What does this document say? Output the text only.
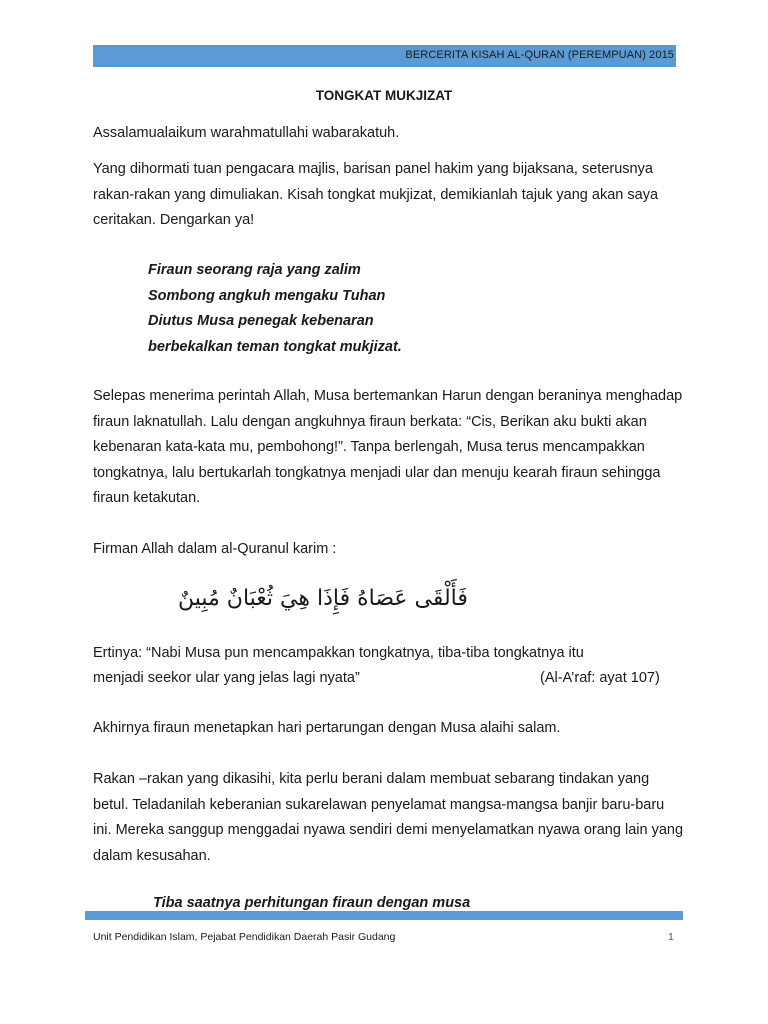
BERCERITA KISAH AL-QURAN (PEREMPUAN) 2015
TONGKAT MUKJIZAT

Assalamualaikum warahmatullahi wabarakatuh.

Yang dihormati tuan pengacara majlis, barisan panel hakim yang bijaksana, seterusnya rakan-rakan yang dimuliakan. Kisah tongkat mukjizat, demikianlah tajuk yang akan saya ceritakan. Dengarkan ya!

Firaun seorang raja yang zalim
Sombong angkuh mengaku Tuhan
Diutus Musa penegak kebenaran
berbekalkan teman tongkat mukjizat.

Selepas menerima perintah Allah, Musa bertemankan Harun dengan beraninya menghadap firaun laknatullah. Lalu dengan angkuhnya firaun berkata: “Cis, Berikan aku bukti akan kebenaran kata-kata mu, pembohong!”. Tanpa berlengah, Musa terus mencampakkan tongkatnya, lalu bertukarlah tongkatnya menjadi ular dan menuju kearah firaun sehingga firaun ketakutan.

Firman Allah dalam al-Quranul karim :

فَأَلْقَى عَصَاهُ فَإِذَا هِيَ ثُعْبَانٌ مُبِينٌ

Ertinya: “Nabi Musa pun mencampakkan tongkatnya, tiba-tiba tongkatnya itu

menjadi seekor ular yang jelas lagi nyata”	(Al-A’raf: ayat 107)

Akhirnya firaun menetapkan hari pertarungan dengan Musa alaihi salam.

Rakan –rakan yang dikasihi, kita perlu berani dalam membuat sebarang tindakan yang betul. Teladanilah keberanian sukarelawan penyelamat mangsa-mangsa banjir baru-baru ini. Mereka sanggup menggadai nyawa sendiri demi menyelamatkan nyawa orang lain yang dalam kesusahan.

Tiba saatnya perhitungan firaun dengan musa

Unit Pendidikan Islam, Pejabat Pendidikan Daerah Pasir Gudang	1
